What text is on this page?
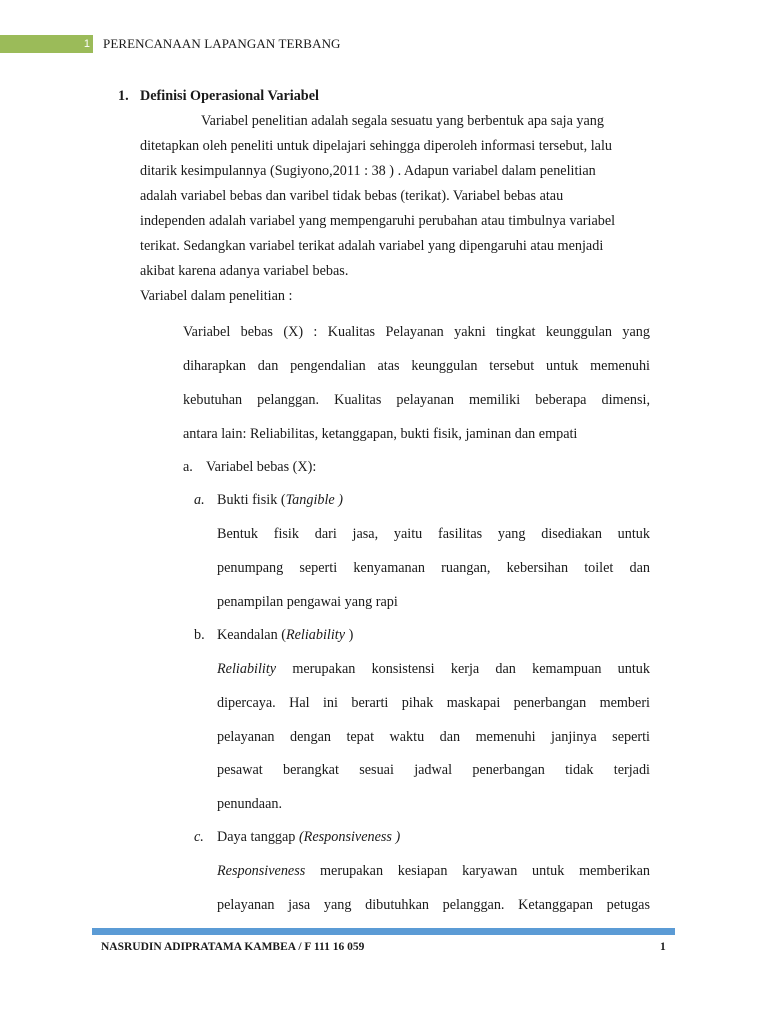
1 PERENCANAAN LAPANGAN TERBANG
1. Definisi Operasional Variabel
Variabel penelitian adalah segala sesuatu yang berbentuk apa saja yang
ditetapkan oleh peneliti untuk dipelajari sehingga diperoleh informasi tersebut, lalu
ditarik kesimpulannya (Sugiyono,2011 : 38 ) . Adapun variabel dalam penelitian
adalah variabel bebas dan varibel tidak bebas (terikat). Variabel bebas atau
independen adalah variabel yang mempengaruhi perubahan atau timbulnya variabel
terikat. Sedangkan variabel terikat adalah variabel yang dipengaruhi atau menjadi
akibat karena adanya variabel bebas.
Variabel dalam penelitian :
Variabel bebas (X) : Kualitas Pelayanan yakni tingkat keunggulan yang
diharapkan dan pengendalian atas keunggulan tersebut untuk memenuhi
kebutuhan pelanggan. Kualitas pelayanan memiliki beberapa dimensi,
antara lain: Reliabilitas, ketanggapan, bukti fisik, jaminan dan empati
a. Variabel bebas (X):
a. Bukti fisik (Tangible )
Bentuk fisik dari jasa, yaitu fasilitas yang disediakan untuk
penumpang seperti kenyamanan ruangan, kebersihan toilet dan
penampilan pengawai yang rapi
b. Keandalan (Reliability )
Reliability merupakan konsistensi kerja dan kemampuan untuk
dipercaya. Hal ini berarti pihak maskapai penerbangan memberi
pelayanan dengan tepat waktu dan memenuhi janjinya seperti
pesawat berangkat sesuai jadwal penerbangan tidak terjadi
penundaan.
c. Daya tanggap (Responsiveness )
Responsiveness merupakan kesiapan karyawan untuk memberikan
pelayanan jasa yang dibutuhkan pelanggan. Ketanggapan petugas
NASRUDIN ADIPRATAMA KAMBEA / F 111 16 059	1
